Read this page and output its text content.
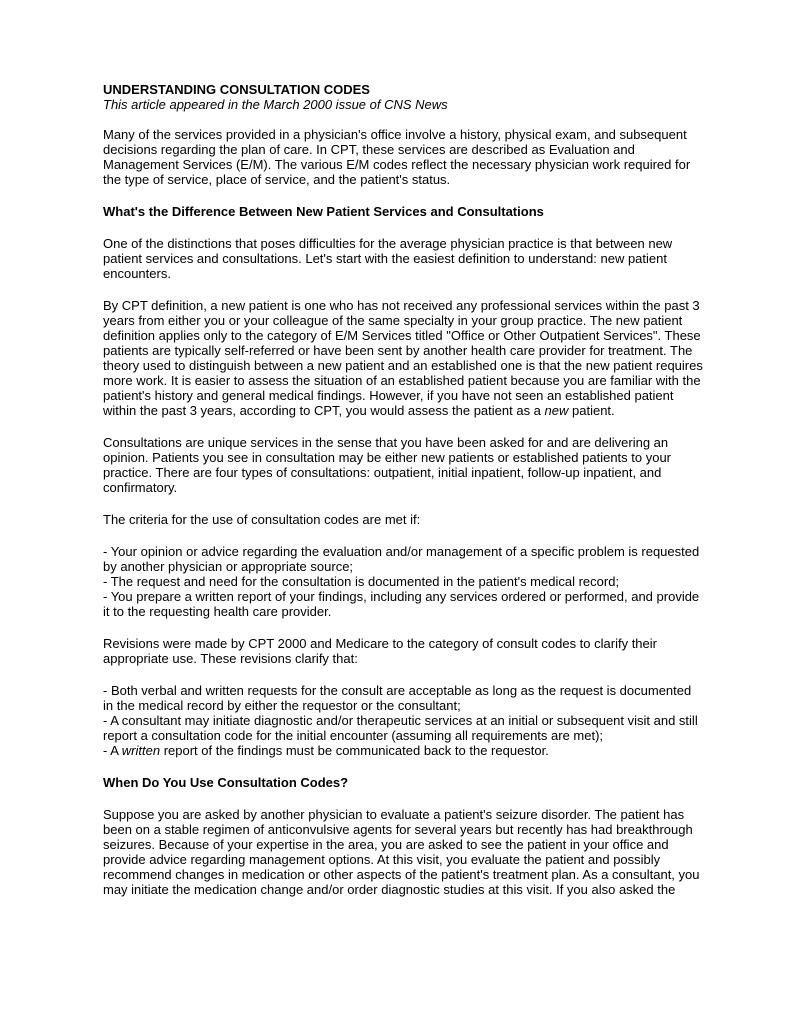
UNDERSTANDING CONSULTATION CODES
This article appeared in the March 2000 issue of CNS News

Many of the services provided in a physician's office involve a history, physical exam, and subsequent decisions regarding the plan of care. In CPT, these services are described as Evaluation and Management Services (E/M). The various E/M codes reflect the necessary physician work required for the type of service, place of service, and the patient's status.

What's the Difference Between New Patient Services and Consultations

One of the distinctions that poses difficulties for the average physician practice is that between new patient services and consultations. Let's start with the easiest definition to understand: new patient encounters.

By CPT definition, a new patient is one who has not received any professional services within the past 3 years from either you or your colleague of the same specialty in your group practice. The new patient definition applies only to the category of E/M Services titled "Office or Other Outpatient Services". These patients are typically self-referred or have been sent by another health care provider for treatment. The theory used to distinguish between a new patient and an established one is that the new patient requires more work. It is easier to assess the situation of an established patient because you are familiar with the patient's history and general medical findings. However, if you have not seen an established patient within the past 3 years, according to CPT, you would assess the patient as a new patient.

Consultations are unique services in the sense that you have been asked for and are delivering an opinion. Patients you see in consultation may be either new patients or established patients to your practice. There are four types of consultations: outpatient, initial inpatient, follow-up inpatient, and confirmatory.

The criteria for the use of consultation codes are met if:

- Your opinion or advice regarding the evaluation and/or management of a specific problem is requested by another physician or appropriate source;
- The request and need for the consultation is documented in the patient's medical record;
- You prepare a written report of your findings, including any services ordered or performed, and provide it to the requesting health care provider.

Revisions were made by CPT 2000 and Medicare to the category of consult codes to clarify their appropriate use. These revisions clarify that:

- Both verbal and written requests for the consult are acceptable as long as the request is documented in the medical record by either the requestor or the consultant;
- A consultant may initiate diagnostic and/or therapeutic services at an initial or subsequent visit and still report a consultation code for the initial encounter (assuming all requirements are met);
- A written report of the findings must be communicated back to the requestor.
When Do You Use Consultation Codes?

Suppose you are asked by another physician to evaluate a patient's seizure disorder. The patient has been on a stable regimen of anticonvulsive agents for several years but recently has had breakthrough seizures. Because of your expertise in the area, you are asked to see the patient in your office and provide advice regarding management options. At this visit, you evaluate the patient and possibly recommend changes in medication or other aspects of the patient's treatment plan. As a consultant, you may initiate the medication change and/or order diagnostic studies at this visit. If you also asked the
